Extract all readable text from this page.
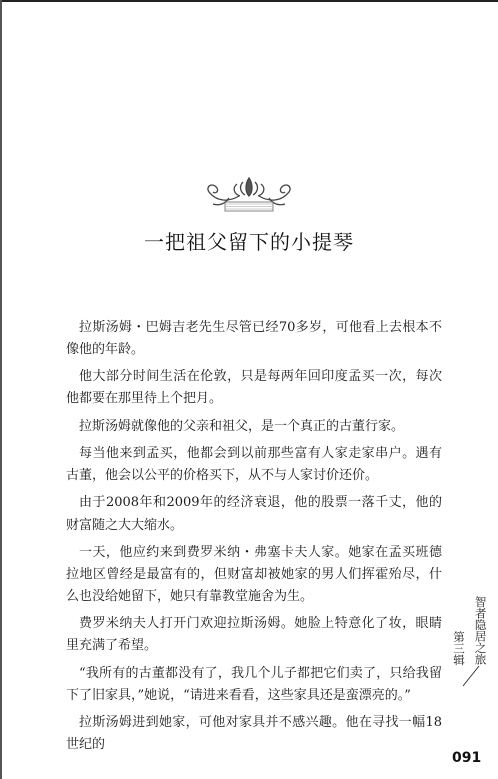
一把祖父留下的小提琴

拉斯汤姆・巴姆吉老先生尽管已经70多岁，可他看上去根本不像他的年龄。

他大部分时间生活在伦敦，只是每两年回印度孟买一次，每次他都要在那里待上个把月。

拉斯汤姆就像他的父亲和祖父，是一个真正的古董行家。

每当他来到孟买，他都会到以前那些富有人家走家串户。遇有古董，他会以公平的价格买下，从不与人家讨价还价。

由于2008年和2009年的经济衰退，他的股票一落千丈，他的财富随之大大缩水。

一天，他应约来到费罗米纳・弗塞卡夫人家。她家在孟买班德拉地区曾经是最富有的，但财富却被她家的男人们挥霍殆尽，什么也没给她留下，她只有靠教堂施舍为生。

费罗米纳夫人打开门欢迎拉斯汤姆。她脸上特意化了妆，眼睛里充满了希望。

“我所有的古董都没有了，我几个儿子都把它们卖了，只给我留下了旧家具，”她说，“请进来看看，这些家具还是蛮漂亮的。”

拉斯汤姆进到她家，可他对家具并不感兴趣。他在寻找一幅18世纪的

第三辑 智者隐居之旅
091
